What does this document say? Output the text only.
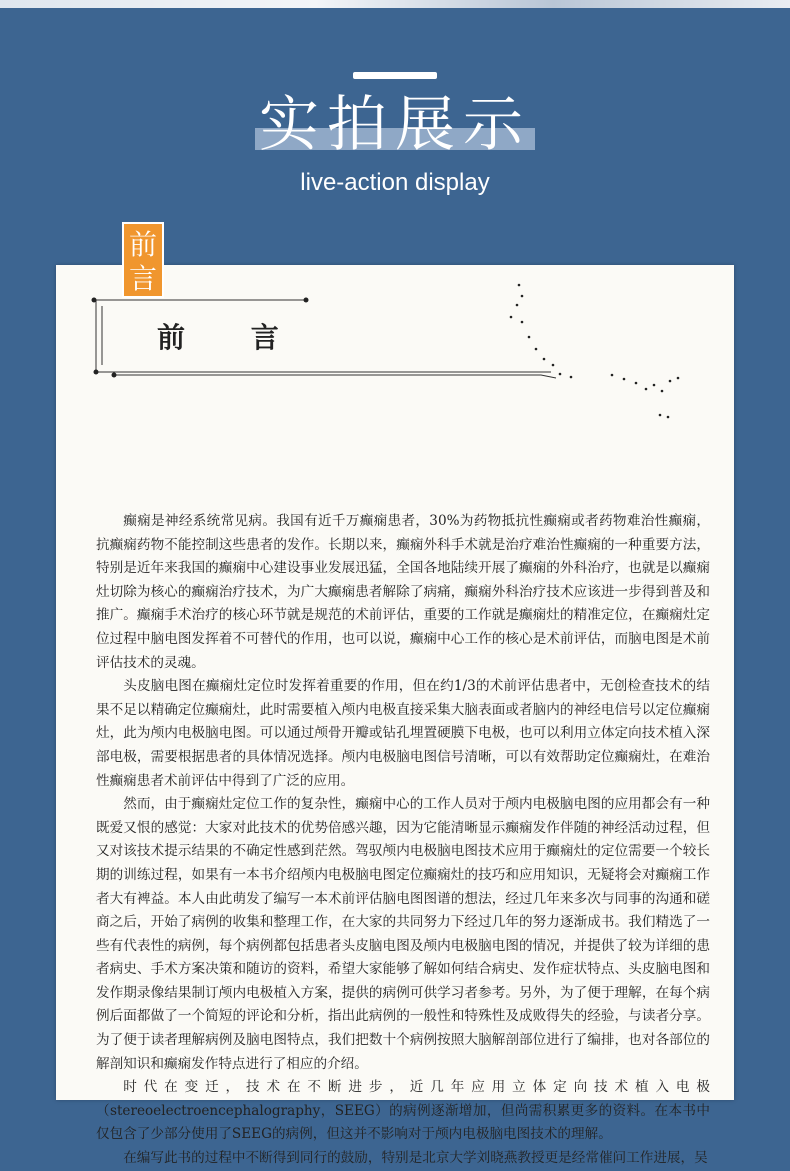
实拍展示
live-action display
前
言
前 言

癫痫是神经系统常见病。我国有近千万癫痫患者，30%为药物抵抗性癫痫或者药物难治性癫痫，抗癫痫药物不能控制这些患者的发作。长期以来，癫痫外科手术就是治疗难治性癫痫的一种重要方法，特别是近年来我国的癫痫中心建设事业发展迅猛，全国各地陆续开展了癫痫的外科治疗，也就是以癫痫灶切除为核心的癫痫治疗技术，为广大癫痫患者解除了病痛，癫痫外科治疗技术应该进一步得到普及和推广。癫痫手术治疗的核心环节就是规范的术前评估，重要的工作就是癫痫灶的精准定位，在癫痫灶定位过程中脑电图发挥着不可替代的作用，也可以说，癫痫中心工作的核心是术前评估，而脑电图是术前评估技术的灵魂。

头皮脑电图在癫痫灶定位时发挥着重要的作用，但在约1/3的术前评估患者中，无创检查技术的结果不足以精确定位癫痫灶，此时需要植入颅内电极直接采集大脑表面或者脑内的神经电信号以定位癫痫灶，此为颅内电极脑电图。可以通过颅骨开瓣或钻孔埋置硬膜下电极，也可以利用立体定向技术植入深部电极，需要根据患者的具体情况选择。颅内电极脑电图信号清晰，可以有效帮助定位癫痫灶，在难治性癫痫患者术前评估中得到了广泛的应用。

然而，由于癫痫灶定位工作的复杂性，癫痫中心的工作人员对于颅内电极脑电图的应用都会有一种既爱又恨的感觉：大家对此技术的优势倍感兴趣，因为它能清晰显示癫痫发作伴随的神经活动过程，但又对该技术提示结果的不确定性感到茫然。驾驭颅内电极脑电图技术应用于癫痫灶的定位需要一个较长期的训练过程，如果有一本书介绍颅内电极脑电图定位癫痫灶的技巧和应用知识，无疑将会对癫痫工作者大有裨益。本人由此萌发了编写一本术前评估脑电图图谱的想法，经过几年来多次与同事的沟通和磋商之后，开始了病例的收集和整理工作，在大家的共同努力下经过几年的努力逐渐成书。我们精选了一些有代表性的病例，每个病例都包括患者头皮脑电图及颅内电极脑电图的情况，并提供了较为详细的患者病史、手术方案决策和随访的资料，希望大家能够了解如何结合病史、发作症状特点、头皮脑电图和发作期录像结果制订颅内电极植入方案，提供的病例可供学习者参考。另外，为了便于理解，在每个病例后面都做了一个简短的评论和分析，指出此病例的一般性和特殊性及成败得失的经验，与读者分享。为了便于读者理解病例及脑电图特点，我们把数十个病例按照大脑解剖部位进行了编排，也对各部位的解剖知识和癫痫发作特点进行了相应的介绍。

时代在变迁，技术在不断进步，近几年应用立体定向技术植入电极（stereoelectroencephalography，SEEG）的病例逐渐增加，但尚需积累更多的资料。在本书中仅包含了少部分使用了SEEG的病例，但这并不影响对于颅内电极脑电图技术的理解。

在编写此书的过程中不断得到同行的鼓励，特别是北京大学刘晓燕教授更是经常催问工作进展，吴
